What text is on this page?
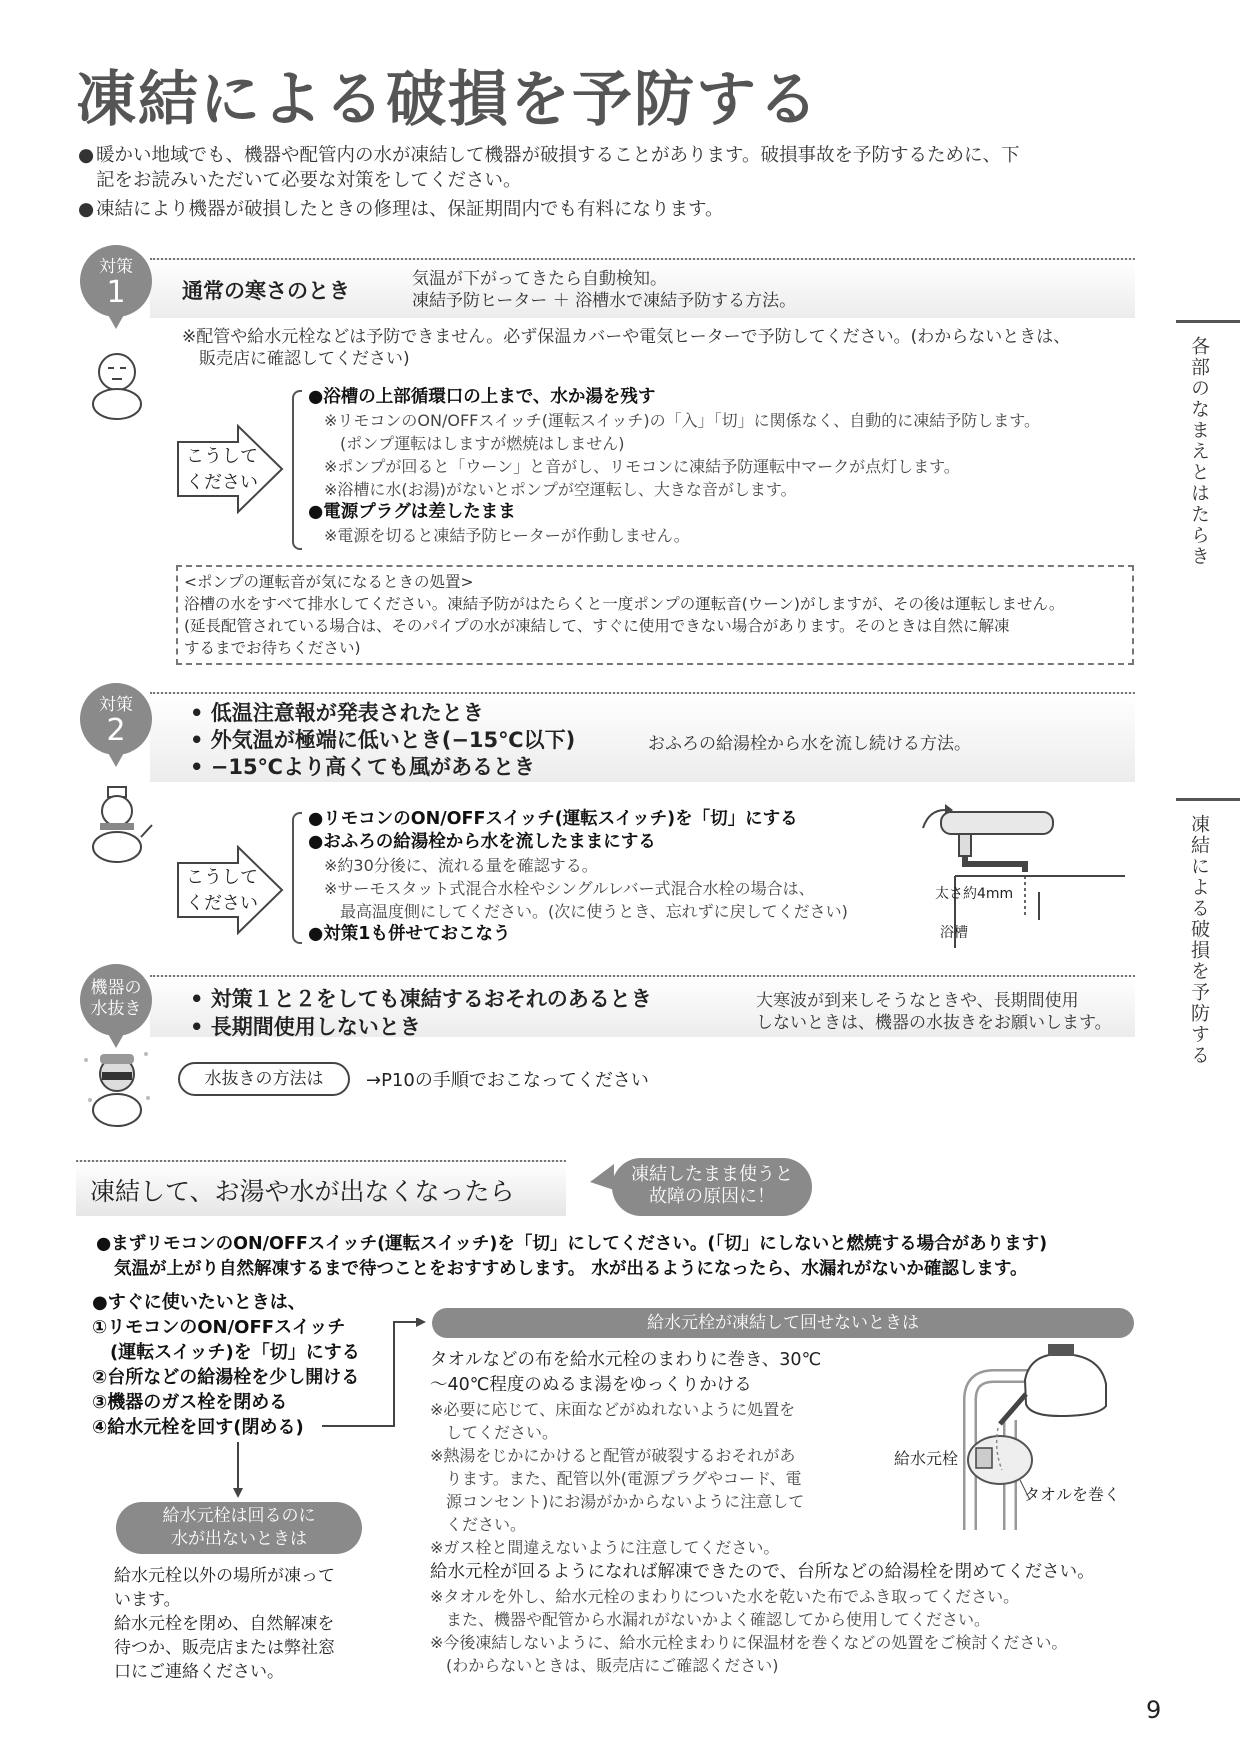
凍結による破損を予防する
● 暖かい地域でも、機器や配管内の水が凍結して機器が破損することがあります。破損事故を予防するために、下
記をお読みいただいて必要な対策をしてください。
● 凍結により機器が破損したときの修理は、保証期間内でも有料になります。
各部のなまえとはたらき
凍結による破損を予防する
対策
1	通常の寒さのとき	気温が下がってきたら自動検知。
凍結予防ヒーター ＋ 浴槽水で凍結予防する方法。
※配管や給水元栓などは予防できません。必ず保温カバーや電気ヒーターで予防してください。(わからないときは、
販売店に確認してください)
こうして
ください
●浴槽の上部循環口の上まで、水か湯を残す
※リモコンのON/OFFスイッチ(運転スイッチ)の「入」「切」に関係なく、自動的に凍結予防します。
(ポンプ運転はしますが燃焼はしません)
※ポンプが回ると「ウーン」と音がし、リモコンに凍結予防運転中マークが点灯します。
※浴槽に水(お湯)がないとポンプが空運転し、大きな音がします。
●電源プラグは差したまま
※電源を切ると凍結予防ヒーターが作動しません。
<ポンプの運転音が気になるときの処置>
浴槽の水をすべて排水してください。凍結予防がはたらくと一度ポンプの運転音(ウーン)がしますが、その後は運転しません。
(延長配管されている場合は、そのパイプの水が凍結して、すぐに使用できない場合があります。そのときは自然に解凍
するまでお待ちください)
対策
2	• 低温注意報が発表されたとき
• 外気温が極端に低いとき(−15℃以下)
• −15℃より高くても風があるとき
おふろの給湯栓から水を流し続ける方法。
こうして
ください
●リモコンのON/OFFスイッチ(運転スイッチ)を「切」にする
●おふろの給湯栓から水を流したままにする
※約30分後に、流れる量を確認する。
※サーモスタット式混合水栓やシングルレバー式混合水栓の場合は、
最高温度側にしてください。(次に使うとき、忘れずに戻してください)
●対策1も併せておこなう
太さ約4mm
浴槽
機器の
水抜き	• 対策１と２をしても凍結するおそれのあるとき
• 長期間使用しないとき
大寒波が到来しそうなときや、長期間使用
しないときは、機器の水抜きをお願いします。
水抜きの方法は	→P10の手順でおこなってください
凍結して、お湯や水が出なくなったら
凍結したまま使うと
故障の原因に！
●まずリモコンのON/OFFスイッチ(運転スイッチ)を「切」にしてください。(「切」にしないと燃焼する場合があります)
気温が上がり自然解凍するまで待つことをおすすめします。 水が出るようになったら、水漏れがないか確認します。
●すぐに使いたいときは、
①リモコンのON/OFFスイッチ
(運転スイッチ)を「切」にする
②台所などの給湯栓を少し開ける
③機器のガス栓を閉める
④給水元栓を回す(閉める)
給水元栓は回るのに
水が出ないときは
給水元栓以外の場所が凍って
います。
給水元栓を閉め、自然解凍を
待つか、販売店または弊社窓
口にご連絡ください。
給水元栓が凍結して回せないときは
タオルなどの布を給水元栓のまわりに巻き、30℃
〜40℃程度のぬるま湯をゆっくりかける
※必要に応じて、床面などがぬれないように処置を
してください。
※熱湯をじかにかけると配管が破裂するおそれがあ
ります。また、配管以外(電源プラグやコード、電
源コンセント)にお湯がかからないように注意して
ください。
※ガス栓と間違えないように注意してください。
給水元栓
タオルを巻く
給水元栓が回るようになれば解凍できたので、台所などの給湯栓を閉めてください。
※タオルを外し、給水元栓のまわりについた水を乾いた布でふき取ってください。
また、機器や配管から水漏れがないかよく確認してから使用してください。
※今後凍結しないように、給水元栓まわりに保温材を巻くなどの処置をご検討ください。
(わからないときは、販売店にご確認ください)
9
